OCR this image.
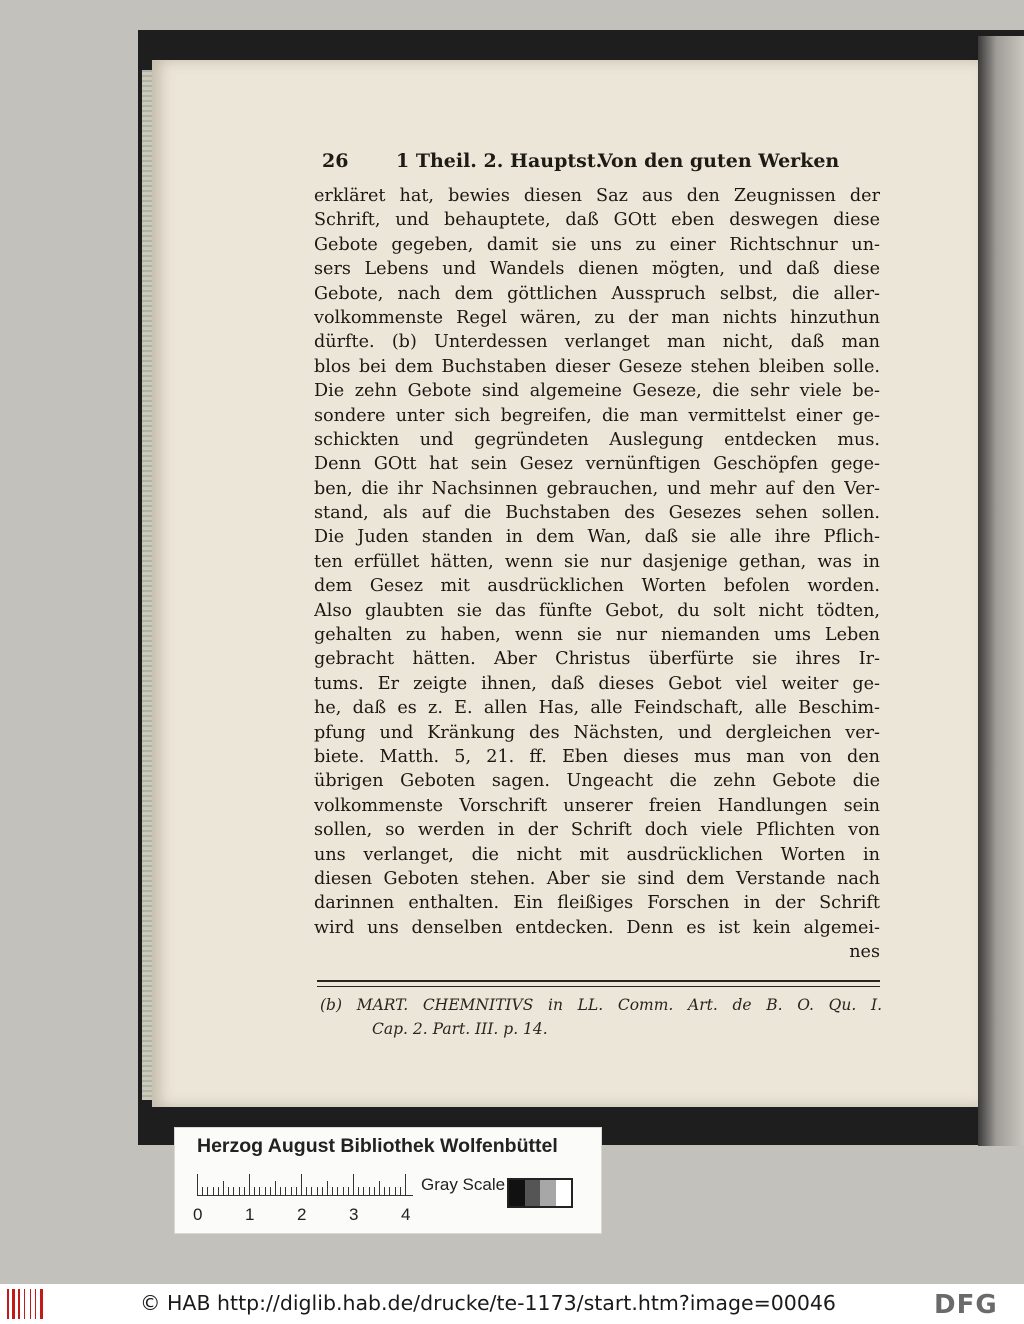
26	1 Theil. 2. Hauptst.
Von den guten Werken
erkläret hat, bewies diesen Saz aus den Zeugnissen der
Schrift, und behauptete, daß GOtt eben deswegen diese
Gebote gegeben, damit sie uns zu einer Richtschnur un-
sers Lebens und Wandels dienen mögten, und daß diese
Gebote, nach dem göttlichen Ausspruch selbst, die aller-
volkommenste Regel wären, zu der man nichts hinzuthun
dürfte. (b) Unterdessen verlanget man nicht, daß man
blos bei dem Buchstaben dieser Geseze stehen bleiben solle.
Die zehn Gebote sind algemeine Geseze, die sehr viele be-
sondere unter sich begreifen, die man vermittelst einer ge-
schickten und gegründeten Auslegung entdecken mus.
Denn GOtt hat sein Gesez vernünftigen Geschöpfen gege-
ben, die ihr Nachsinnen gebrauchen, und mehr auf den Ver-
stand, als auf die Buchstaben des Gesezes sehen sollen.
Die Juden standen in dem Wan, daß sie alle ihre Pflich-
ten erfüllet hätten, wenn sie nur dasjenige gethan, was in
dem Gesez mit ausdrücklichen Worten befolen worden.
Also glaubten sie das fünfte Gebot, du solt nicht tödten,
gehalten zu haben, wenn sie nur niemanden ums Leben
gebracht hätten. Aber Christus überfürte sie ihres Ir-
tums. Er zeigte ihnen, daß dieses Gebot viel weiter ge-
he, daß es z. E. allen Has, alle Feindschaft, alle Beschim-
pfung und Kränkung des Nächsten, und dergleichen ver-
biete. Matth. 5, 21. ff. Eben dieses mus man von den
übrigen Geboten sagen. Ungeacht die zehn Gebote die
volkommenste Vorschrift unserer freien Handlungen sein
sollen, so werden in der Schrift doch viele Pflichten von
uns verlanget, die nicht mit ausdrücklichen Worten in
diesen Geboten stehen. Aber sie sind dem Verstande nach
darinnen enthalten. Ein fleißiges Forschen in der Schrift
wird uns denselben entdecken. Denn es ist kein algemei-
nes
(b) MART. CHEMNITIVS in LL. Comm. Art. de B. O. Qu. I.
Cap. 2. Part. III. p. 14.
Herzog August Bibliothek Wolfenbüttel
0	1	2	3	4
Gray Scale
© HAB http://diglib.hab.de/drucke/te-1173/start.htm?image=00046	DFG
